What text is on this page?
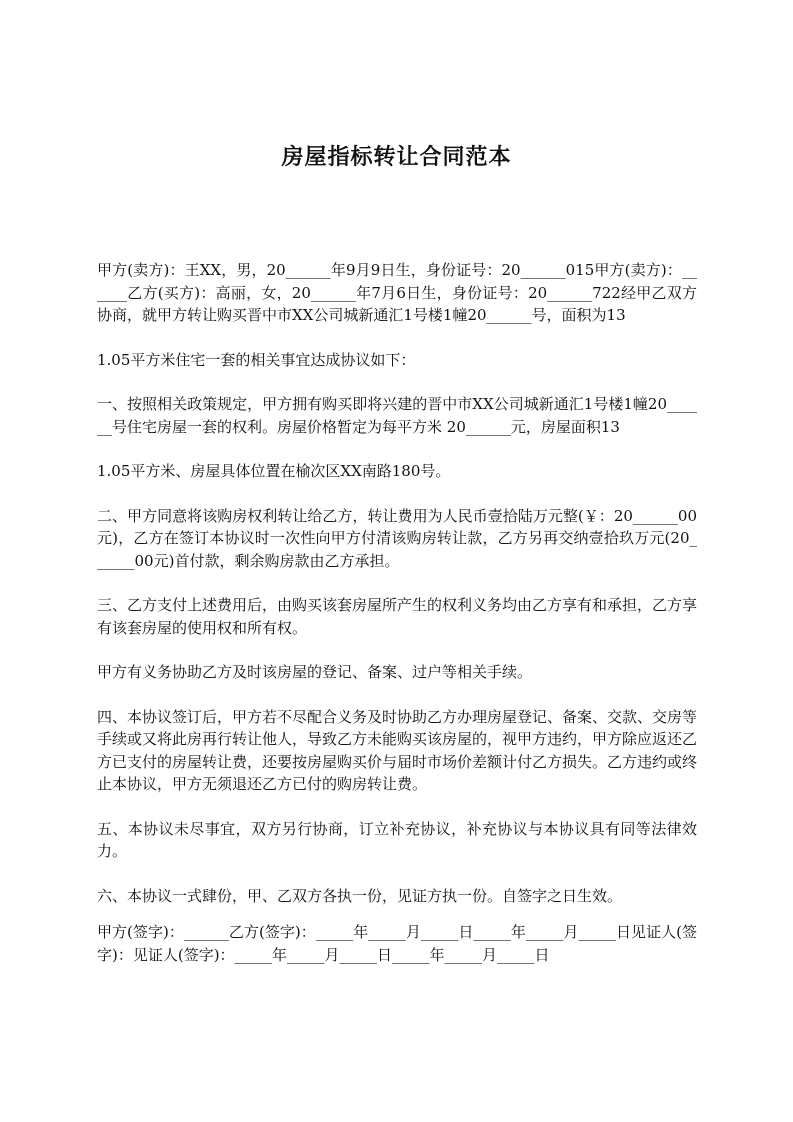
房屋指标转让合同范本

甲方(卖方)：王XX，男，20______年9月9日生，身份证号：20______015甲方(卖方)：______乙方(买方)：高丽，女，20______年7月6日生，身份证号：20______722经甲乙双方协商，就甲方转让购买晋中市XX公司城新通汇1号楼1幢20______号，面积为13

1.05平方米住宅一套的相关事宜达成协议如下：

一、按照相关政策规定，甲方拥有购买即将兴建的晋中市XX公司城新通汇1号楼1幢20______号住宅房屋一套的权利。房屋价格暂定为每平方米 20______元，房屋面积13

1.05平方米、房屋具体位置在榆次区XX南路180号。

二、甲方同意将该购房权利转让给乙方，转让费用为人民币壹拾陆万元整(￥：20______00元)，乙方在签订本协议时一次性向甲方付清该购房转让款，乙方另再交纳壹拾玖万元(20______00元)首付款，剩余购房款由乙方承担。

三、乙方支付上述费用后，由购买该套房屋所产生的权利义务均由乙方享有和承担，乙方享有该套房屋的使用权和所有权。

甲方有义务协助乙方及时该房屋的登记、备案、过户等相关手续。

四、本协议签订后，甲方若不尽配合义务及时协助乙方办理房屋登记、备案、交款、交房等手续或又将此房再行转让他人，导致乙方未能购买该房屋的，视甲方违约，甲方除应返还乙方已支付的房屋转让费，还要按房屋购买价与届时市场价差额计付乙方损失。乙方违约或终止本协议，甲方无须退还乙方已付的购房转让费。

五、本协议未尽事宜，双方另行协商，订立补充协议，补充协议与本协议具有同等法律效力。

六、本协议一式肆份，甲、乙双方各执一份，见证方执一份。自签字之日生效。

甲方(签字)：______乙方(签字)：_____年_____月_____日_____年_____月_____日见证人(签字)：见证人(签字)：_____年_____月_____日_____年_____月_____日
